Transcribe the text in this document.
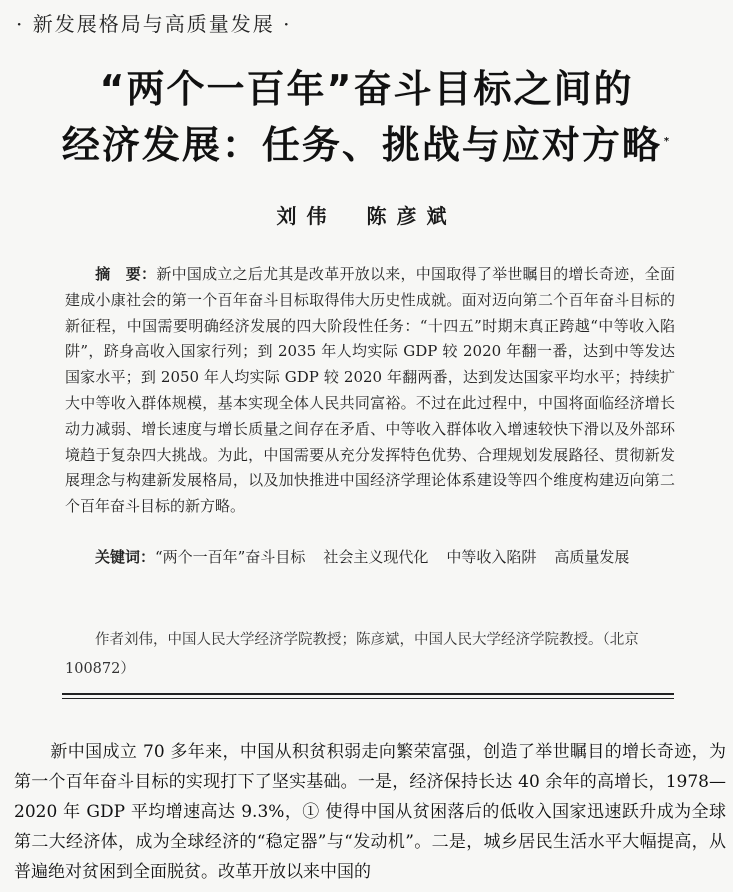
· 新发展格局与高质量发展 ·
“两个一百年”奋斗目标之间的
经济发展：任务、挑战与应对方略 *
刘伟　陈彦斌
摘　要：新中国成立之后尤其是改革开放以来，中国取得了举世瞩目的增长奇迹，全面建成小康社会的第一个百年奋斗目标取得伟大历史性成就。面对迈向第二个百年奋斗目标的新征程，中国需要明确经济发展的四大阶段性任务：“十四五”时期末真正跨越“中等收入陷阱”，跻身高收入国家行列；到 2035 年人均实际 GDP 较 2020 年翻一番，达到中等发达国家水平；到 2050 年人均实际 GDP 较 2020 年翻两番，达到发达国家平均水平；持续扩大中等收入群体规模，基本实现全体人民共同富裕。不过在此过程中，中国将面临经济增长动力减弱、增长速度与增长质量之间存在矛盾、中等收入群体收入增速较快下滑以及外部环境趋于复杂四大挑战。为此，中国需要从充分发挥特色优势、合理规划发展路径、贯彻新发展理念与构建新发展格局，以及加快推进中国经济学理论体系建设等四个维度构建迈向第二个百年奋斗目标的新方略。
关键词：“两个一百年”奋斗目标 社会主义现代化 中等收入陷阱 高质量发展
作者刘伟，中国人民大学经济学院教授；陈彦斌，中国人民大学经济学院教授。（北京　100872）
新中国成立 70 多年来，中国从积贫积弱走向繁荣富强，创造了举世瞩目的增长奇迹，为第一个百年奋斗目标的实现打下了坚实基础。一是，经济保持长达 40 余年的高增长，1978—2020 年 GDP 平均增速高达 9.3%，① 使得中国从贫困落后的低收入国家迅速跃升成为全球第二大经济体，成为全球经济的“稳定器”与“发动机”。二是，城乡居民生活水平大幅提高，从普遍绝对贫困到全面脱贫。改革开放以来中国的
